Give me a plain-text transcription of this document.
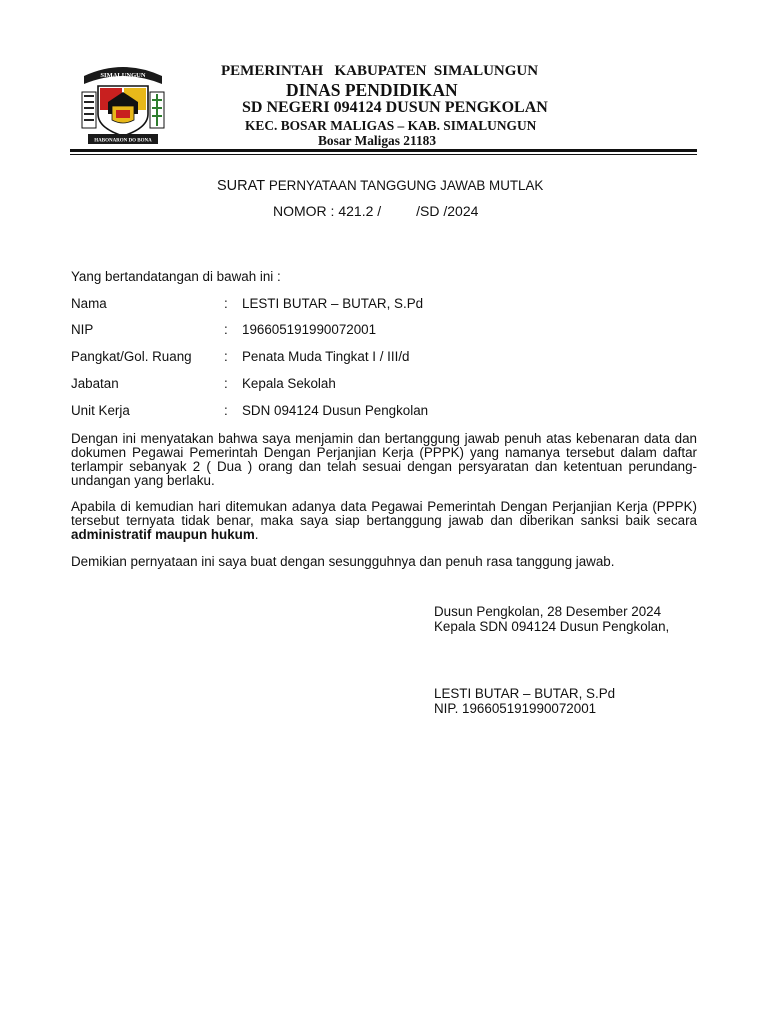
SIMALUNGUN
HABONARON DO BONA
PEMERINTAH   KABUPATEN  SIMALUNGUN
DINAS PENDIDIKAN
SD NEGERI 094124 DUSUN PENGKOLAN
KEC. BOSAR MALIGAS – KAB. SIMALUNGUN
Bosar Maligas 21183
SURAT PERNYATAAN TANGGUNG JAWAB MUTLAK
NOMOR : 421.2 /         /SD /2024
Yang bertandatangan di bawah ini :
Nama	: LESTI BUTAR – BUTAR, S.Pd
NIP	: 196605191990072001
Pangkat/Gol. Ruang : Penata Muda Tingkat I / III/d
Jabatan	: Kepala Sekolah
Unit Kerja	: SDN 094124 Dusun Pengkolan
Dengan ini menyatakan bahwa saya menjamin dan bertanggung jawab penuh atas kebenaran data dan dokumen Pegawai Pemerintah Dengan Perjanjian Kerja (PPPK) yang namanya tersebut dalam daftar terlampir sebanyak 2 ( Dua ) orang dan telah sesuai dengan persyaratan dan ketentuan perundang-undangan yang berlaku.
Apabila di kemudian hari ditemukan adanya data Pegawai Pemerintah Dengan Perjanjian Kerja (PPPK) tersebut ternyata tidak benar, maka saya siap bertanggung jawab dan diberikan sanksi baik secara administratif maupun hukum.
Demikian pernyataan ini saya buat dengan sesungguhnya dan penuh rasa tanggung jawab.
Dusun Pengkolan, 28 Desember 2024
Kepala SDN 094124 Dusun Pengkolan,
LESTI BUTAR – BUTAR, S.Pd
NIP. 196605191990072001
